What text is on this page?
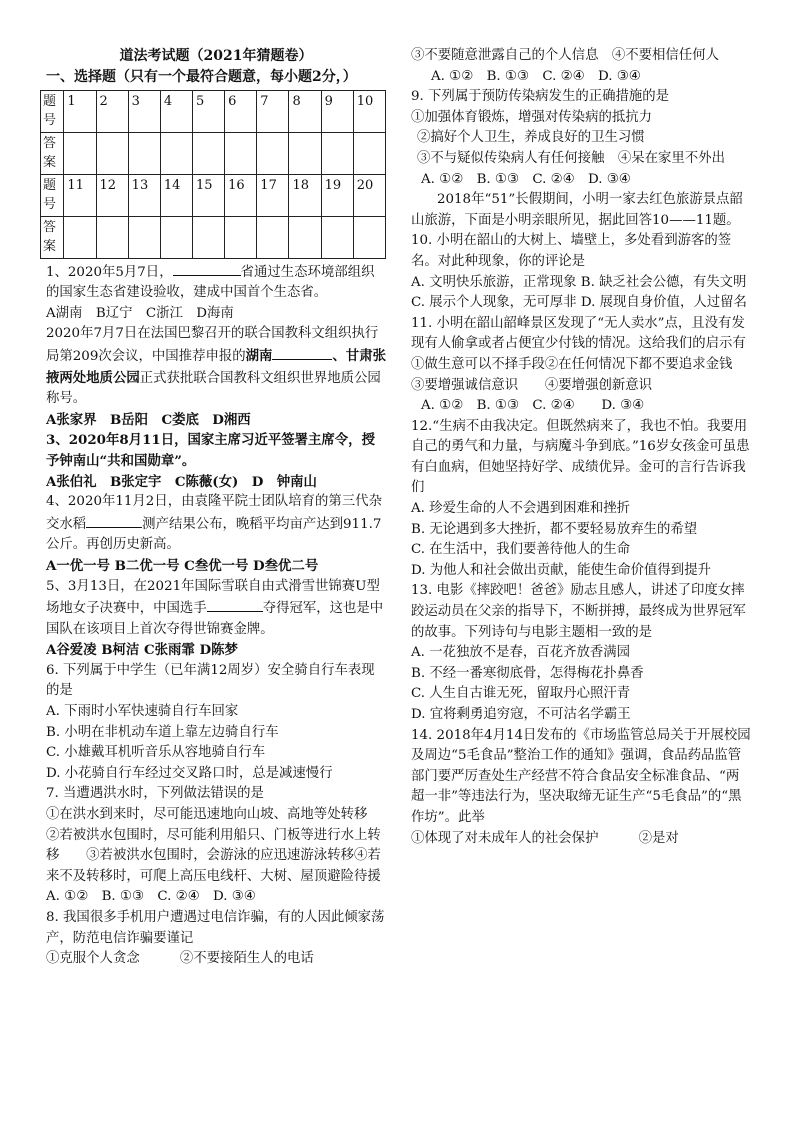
道法考试题（2021年猜题卷）
一、选择题（只有一个最符合题意，每小题2分，）
题号	1	2	3	4	5	6	7	8	9	10
答案										
题号	11	12	13	14	15	16	17	18	19	20
答案										
1、2020年5月7日，	省通过生态环境部组织的国家生态省建设验收，建成中国首个生态省。
A湖南　B辽宁　C浙江　D海南
2020年7月7日在法国巴黎召开的联合国教科文组织执行局第209次会议，中国推荐申报的湖南	、甘肃张掖两处地质公园正式获批联合国教科文组织世界地质公园称号。
A张家界　B岳阳　C娄底　D湘西
3、2020年8月11日，国家主席习近平签署主席令，授予钟南山“共和国勋章”。
A张伯礼　B张定宇　C陈薇(女)　D　钟南山
4、2020年11月2日，由袁隆平院士团队培育的第三代杂交水稻	测产结果公布，晚稻平均亩产达到911.7公斤。再创历史新高。
A一优一号 B二优一号 C叁优一号 D叁优二号
5、3月13日，在2021年国际雪联自由式滑雪世锦赛U型场地女子决赛中，中国选手	夺得冠军，这也是中国队在该项目上首次夺得世锦赛金牌。
A谷爱凌 B柯洁 C张雨霏 D陈梦
6. 下列属于中学生（已年满12周岁）安全骑自行车表现的是
A. 下雨时小军快速骑自行车回家
B. 小明在非机动车道上靠左边骑自行车
C. 小雄戴耳机听音乐从容地骑自行车
D. 小花骑自行车经过交叉路口时，总是减速慢行
7. 当遭遇洪水时，下列做法错误的是
①在洪水到来时，尽可能迅速地向山坡、高地等处转移　　②若被洪水包围时，尽可能利用船只、门板等进行水上转移　　③若被洪水包围时，会游泳的应迅速游泳转移④若来不及转移时，可爬上高压电线杆、大树、屋顶避险待援
A. ①②　B. ①③　C. ②④　D. ③④
8. 我国很多手机用户遭遇过电信诈骗，有的人因此倾家荡产，防范电信诈骗要谨记
①克服个人贪念　　　②不要接陌生人的电话
③不要随意泄露自己的个人信息　④不要相信任何人
A. ①②　B. ①③　C. ②④　D. ③④
9. 下列属于预防传染病发生的正确措施的是
①加强体育锻炼，增强对传染病的抵抗力
②搞好个人卫生，养成良好的卫生习惯
③不与疑似传染病人有任何接触　④呆在家里不外出
A. ①②　B. ①③　C. ②④　D. ③④
2018年“51”长假期间，小明一家去红色旅游景点韶山旅游，下面是小明亲眼所见，据此回答10——11题。
10. 小明在韶山的大树上、墙壁上，多处看到游客的签名。对此种现象，你的评论是
A. 文明快乐旅游，正常现象 B. 缺乏社会公德，有失文明 C. 展示个人现象，无可厚非 D. 展现自身价值，人过留名
11. 小明在韶山韶峰景区发现了“无人卖水”点，且没有发现有人偷拿或者占便宜少付钱的情况。这给我们的启示有
①做生意可以不择手段②在任何情况下都不要追求金钱　　③要增强诚信意识　　④要增强创新意识
A. ①②　B. ①③　C. ②④　　D. ③④
12.“生病不由我决定。但既然病来了，我也不怕。我要用自己的勇气和力量，与病魔斗争到底。”16岁女孩金可虽患有白血病，但她坚持好学、成绩优异。金可的言行告诉我们
A. 珍爱生命的人不会遇到困难和挫折
B. 无论遇到多大挫折，都不要轻易放弃生的希望
C. 在生活中，我们要善待他人的生命
D. 为他人和社会做出贡献，能使生命价值得到提升
13. 电影《摔跤吧！爸爸》励志且感人，讲述了印度女摔跤运动员在父亲的指导下，不断拼搏，最终成为世界冠军的故事。下列诗句与电影主题相一致的是
A. 一花独放不是春，百花齐放香满园
B. 不经一番寒彻底骨，怎得梅花扑鼻香
C. 人生自古谁无死，留取丹心照汗青
D. 宜将剩勇追穷寇，不可沽名学霸王
14. 2018年4月14日发布的《市场监管总局关于开展校园及周边“5毛食品”整治工作的通知》强调，食品药品监管部门要严厉查处生产经营不符合食品安全标准食品、“两超一非”等违法行为，坚决取缔无证生产“5毛食品”的“黑作坊”。此举
①体现了对未成年人的社会保护　　　②是对
